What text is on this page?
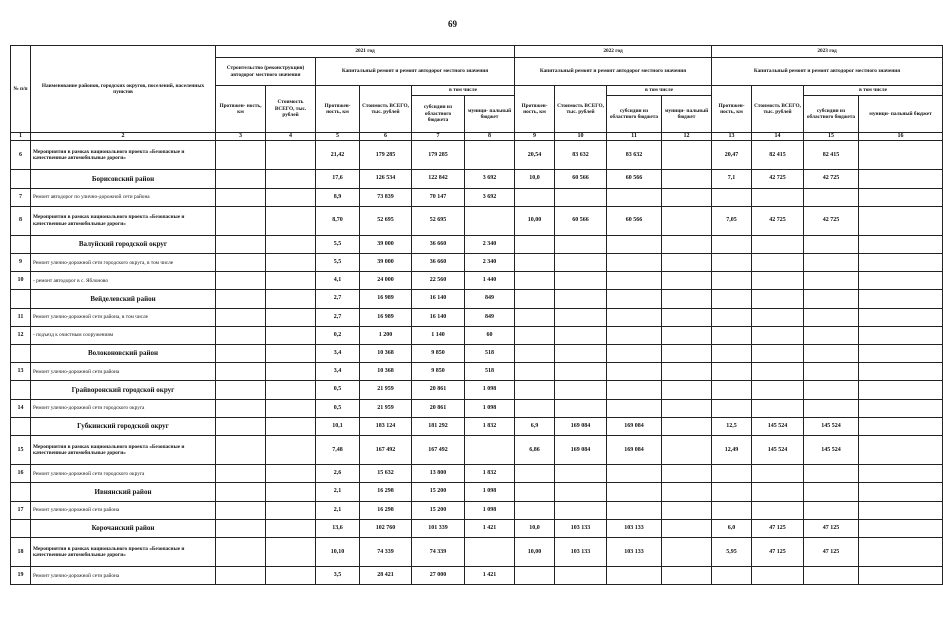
69
№ п/п	Наименование районов, городских округов, поселений, населенных пунктов	2021 год						2022 год				2023 год			
		Строительство (реконструкция) автодорог местного значения		Капитальный ремонт и ремонт автодорог местного значения				Капитальный ремонт и ремонт автодорог местного значения				Капитальный ремонт и ремонт автодорог местного значения			
		Протяжен- ность, км	Стоимость ВСЕГО, тыс. рублей	Протяжен- ность, км	Стоимость ВСЕГО, тыс. рублей	в том числе		Протяжен- ность, км	Стоимость ВСЕГО, тыс. рублей	в том числе		Протяжен- ность, км	Стоимость ВСЕГО, тыс. рублей	в том числе	
						субсидии из областного бюджета	муници- пальный бюджет			субсидии из областного бюджета	муници- пальный бюджет			субсидии из областного бюджета	муници- пальный бюджет
1	2	3	4	5	6	7	8	9	10	11	12	13	14	15	16
6	Мероприятия в рамках национального проекта «Безопасные и качественные автомобильные дороги»			21,42	179 285	179 285		20,54	83 632	83 632		20,47	82 415	82 415	
	Борисовский район			17,6	126 534	122 842	3 692	10,0	60 566	60 566		7,1	42 725	42 725	
7	Ремонт автодорог по улично-дорожной сети района			8,9	73 839	70 147	3 692								
8	Мероприятия в рамках национального проекта «Безопасные и качественные автомобильные дороги»			8,70	52 695	52 695		10,00	60 566	60 566		7,05	42 725	42 725	
	Валуйский городской округ			5,5	39 000	36 660	2 340								
9	Ремонт улично-дорожной сети городского округа, в том числе			5,5	39 000	36 660	2 340								
10	- ремонт автодорог в с. Яблоново			4,1	24 000	22 560	1 440								
	Вейделевский район			2,7	16 989	16 140	849								
11	Ремонт улично-дорожной сети района, в том числе			2,7	16 989	16 140	849								
12	- подъезд к очистным сооружениям			0,2	1 200	1 140	60								
	Волоконовский район			3,4	10 368	9 850	518								
13	Ремонт улично-дорожной сети района			3,4	10 368	9 850	518								
	Грайворонский городской округ			0,5	21 959	20 861	1 098								
14	Ремонт улично-дорожной сети городского округа			0,5	21 959	20 861	1 098								
	Губкинский городской округ			10,1	183 124	181 292	1 832	6,9	169 084	169 084		12,5	145 524	145 524	
15	Мероприятия в рамках национального проекта «Безопасные и качественные автомобильные дороги»			7,48	167 492	167 492		6,86	169 084	169 084		12,49	145 524	145 524	
16	Ремонт улично-дорожной сети городского округа			2,6	15 632	13 800	1 832								
	Ивнянский район			2,1	16 298	15 200	1 098								
17	Ремонт улично-дорожной сети района			2,1	16 298	15 200	1 098								
	Корочанский район			13,6	102 760	101 339	1 421	10,0	103 133	103 133		6,0	47 125	47 125	
18	Мероприятия в рамках национального проекта «Безопасные и качественные автомобильные дороги»			10,10	74 339	74 339		10,00	103 133	103 133		5,95	47 125	47 125	
19	Ремонт улично-дорожной сети района			3,5	28 421	27 000	1 421								
